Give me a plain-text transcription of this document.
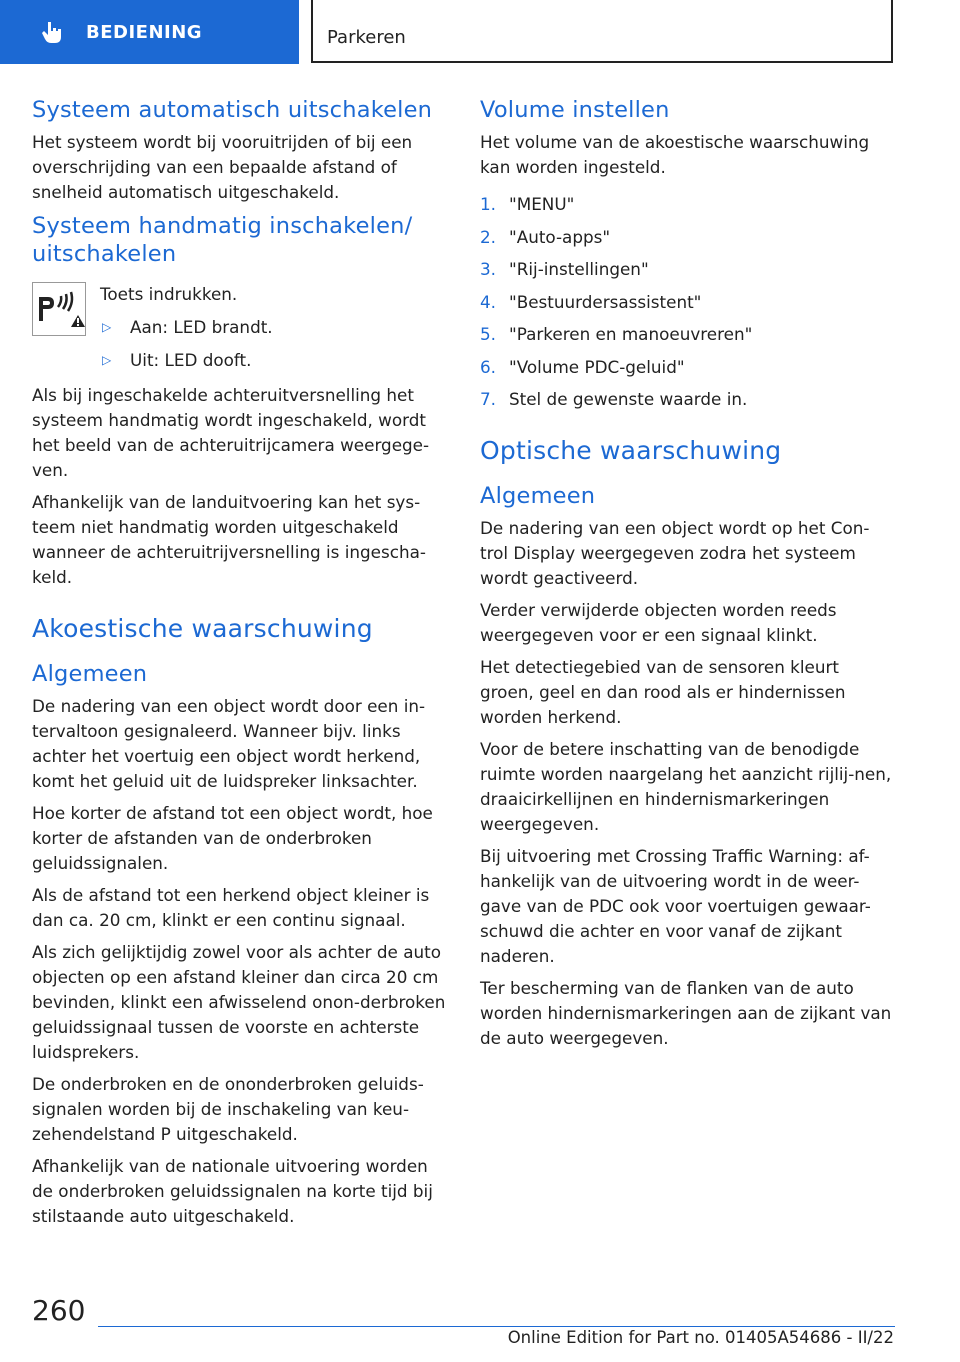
BEDIENING	Parkeren
Systeem automatisch uitschakelen

Het systeem wordt bij vooruitrijden of bij een overschrijding van een bepaalde afstand of snelheid automatisch uitgeschakeld.

Systeem handmatig inschakelen/ uitschakelen

Toets indrukken.

▷	Aan: LED brandt.
▷	Uit: LED dooft.

Als bij ingeschakelde achteruitversnelling het systeem handmatig wordt ingeschakeld, wordt het beeld van de achteruitrijcamera weergege-ven.

Afhankelijk van de landuitvoering kan het sys-teem niet handmatig worden uitgeschakeld wanneer de achteruitrijversnelling is ingescha-keld.

Akoestische waarschuwing
Algemeen

De nadering van een object wordt door een in-tervaltoon gesignaleerd. Wanneer bijv. links achter het voertuig een object wordt herkend, komt het geluid uit de luidspreker linksachter.

Hoe korter de afstand tot een object wordt, hoe korter de afstanden van de onderbroken geluidssignalen.

Als de afstand tot een herkend object kleiner is dan ca. 20 cm, klinkt er een continu signaal.

Als zich gelijktijdig zowel voor als achter de auto objecten op een afstand kleiner dan circa 20 cm bevinden, klinkt een afwisselend onon-derbroken geluidssignaal tussen de voorste en achterste luidsprekers.

De onderbroken en de ononderbroken geluids-signalen worden bij de inschakeling van keu-zehendelstand P uitgeschakeld.

Afhankelijk van de nationale uitvoering worden de onderbroken geluidssignalen na korte tijd bij stilstaande auto uitgeschakeld.

Volume instellen

Het volume van de akoestische waarschuwing kan worden ingesteld.

1. "MENU"
2. "Auto-apps"
3. "Rij-instellingen"
4. "Bestuurdersassistent"
5. "Parkeren en manoeuvreren"
6. "Volume PDC-geluid"
7. Stel de gewenste waarde in.
Optische waarschuwing
Algemeen

De nadering van een object wordt op het Con-trol Display weergegeven zodra het systeem wordt geactiveerd.

Verder verwijderde objecten worden reeds weergegeven voor er een signaal klinkt.

Het detectiegebied van de sensoren kleurt groen, geel en dan rood als er hindernissen worden herkend.

Voor de betere inschatting van de benodigde ruimte worden naargelang het aanzicht rijlij-nen, draaicirkellijnen en hindernismarkeringen weergegeven.

Bij uitvoering met Crossing Traffic Warning: af-hankelijk van de uitvoering wordt in de weer-gave van de PDC ook voor voertuigen gewaar-schuwd die achter en voor vanaf de zijkant naderen.

Ter bescherming van de flanken van de auto worden hindernismarkeringen aan de zijkant van de auto weergegeven.

260
Online Edition for Part no. 01405A54686 - II/22
